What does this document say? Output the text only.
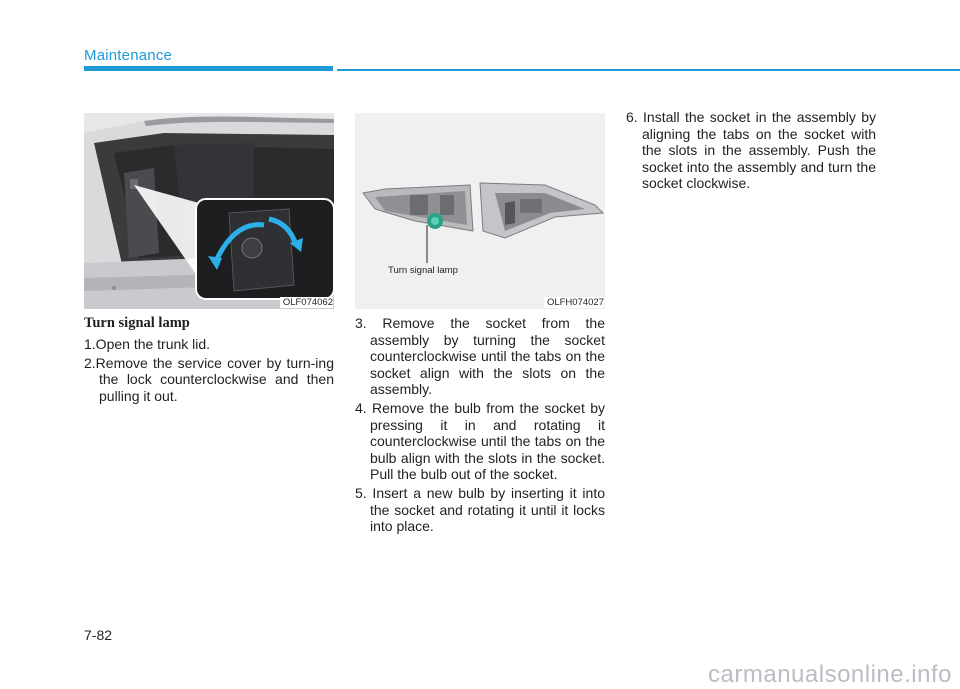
Maintenance
OLF074062
Turn signal lamp
1.Open the trunk lid.
2.Remove the service cover by turn-ing the lock counterclockwise and then pulling it out.
Turn signal lamp
OLFH074027
3. Remove the socket from the assembly by turning the socket counterclockwise until the tabs on the socket align with the slots on the assembly.
4. Remove the bulb from the socket by pressing it in and rotating it counterclockwise until the tabs on the bulb align with the slots in the socket. Pull the bulb out of the socket.
5. Insert a new bulb by inserting it into the socket and rotating it until it locks into place.
6. Install the socket in the assembly by aligning the tabs on the socket with the slots in the assembly. Push the socket into the assembly and turn the socket clockwise.
7-82
carmanualsonline.info
